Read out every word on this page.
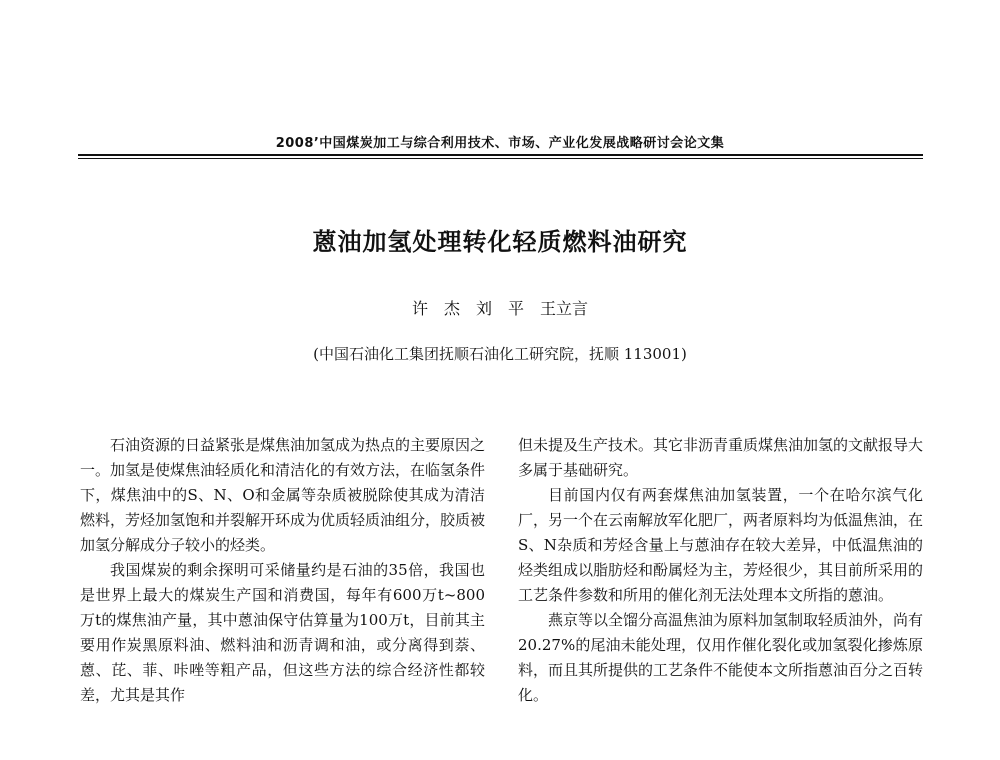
2008’中国煤炭加工与综合利用技术、市场、产业化发展战略研讨会论文集
蒽油加氢处理转化轻质燃料油研究
许　杰　刘　平　王立言
(中国石油化工集团抚顺石油化工研究院，抚顺 113001)

石油资源的日益紧张是煤焦油加氢成为热点的主要原因之一。加氢是使煤焦油轻质化和清洁化的有效方法，在临氢条件下，煤焦油中的S、N、O和金属等杂质被脱除使其成为清洁燃料，芳烃加氢饱和并裂解开环成为优质轻质油组分，胶质被加氢分解成分子较小的烃类。

我国煤炭的剩余探明可采储量约是石油的35倍，我国也是世界上最大的煤炭生产国和消费国，每年有600万t~800万t的煤焦油产量，其中蒽油保守估算量为100万t，目前其主要用作炭黑原料油、燃料油和沥青调和油，或分离得到萘、蒽、芘、菲、咔唑等粗产品，但这些方法的综合经济性都较差，尤其是其作

但未提及生产技术。其它非沥青重质煤焦油加氢的文献报导大多属于基础研究。

目前国内仅有两套煤焦油加氢装置，一个在哈尔滨气化厂，另一个在云南解放军化肥厂，两者原料均为低温焦油，在S、N杂质和芳烃含量上与蒽油存在较大差异，中低温焦油的烃类组成以脂肪烃和酚属烃为主，芳烃很少，其目前所采用的工艺条件参数和所用的催化剂无法处理本文所指的蒽油。

燕京等以全馏分高温焦油为原料加氢制取轻质油外，尚有20.27%的尾油未能处理，仅用作催化裂化或加氢裂化掺炼原料，而且其所提供的工艺条件不能使本文所指蒽油百分之百转化。
